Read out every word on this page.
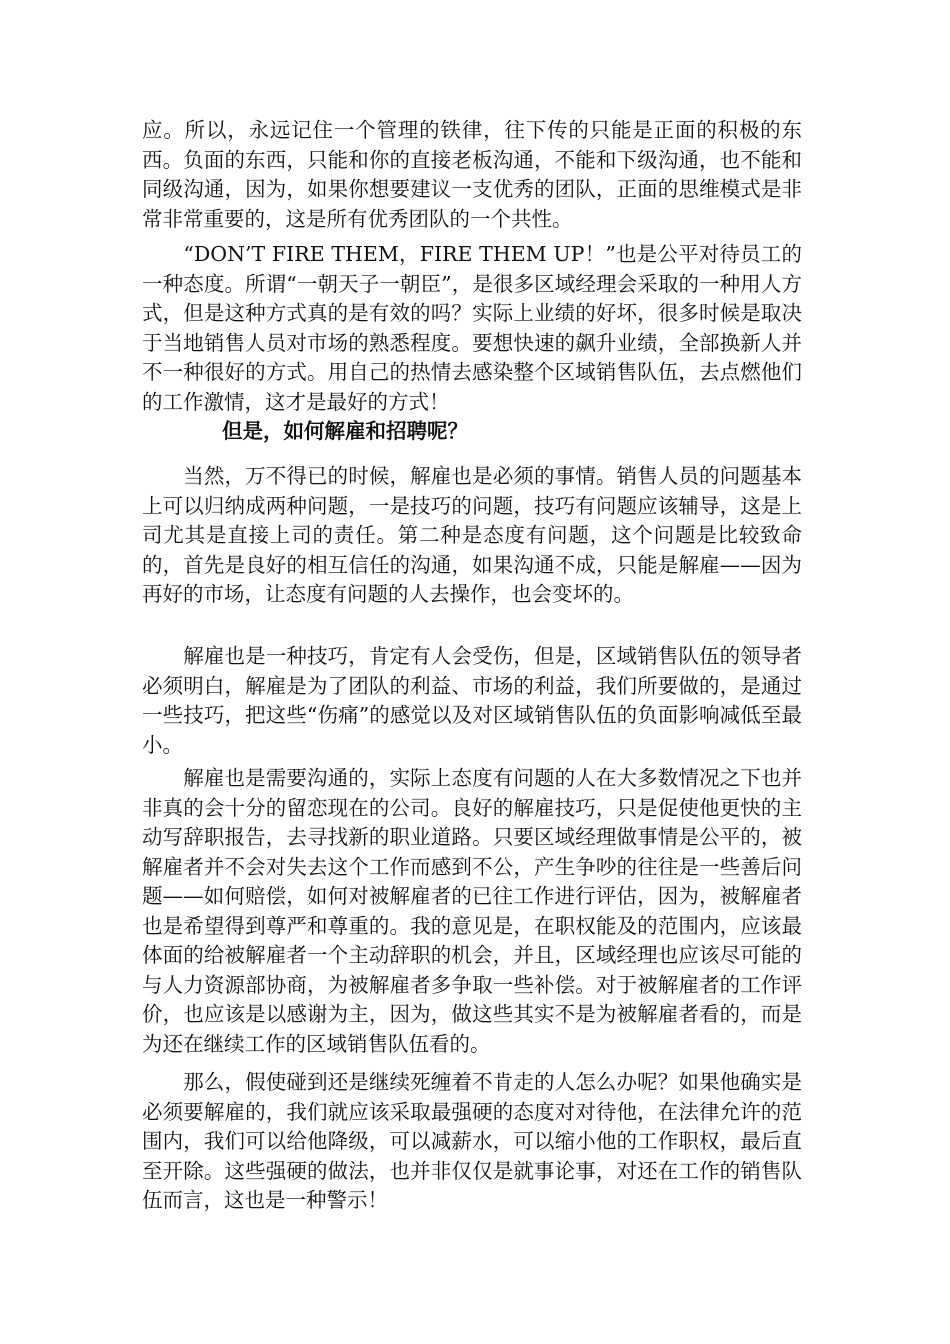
应。所以，永远记住一个管理的铁律，往下传的只能是正面的积极的东西。负面的东西，只能和你的直接老板沟通，不能和下级沟通，也不能和同级沟通，因为，如果你想要建议一支优秀的团队，正面的思维模式是非常非常重要的，这是所有优秀团队的一个共性。

　　“DON’T FIRE THEM，FIRE THEM UP！”也是公平对待员工的一种态度。所谓“一朝天子一朝臣”，是很多区域经理会采取的一种用人方式，但是这种方式真的是有效的吗？实际上业绩的好坏，很多时候是取决于当地销售人员对市场的熟悉程度。要想快速的飙升业绩，全部换新人并不一种很好的方式。用自己的热情去感染整个区域销售队伍，去点燃他们的工作激情，这才是最好的方式！

但是，如何解雇和招聘呢？

　　当然，万不得已的时候，解雇也是必须的事情。销售人员的问题基本上可以归纳成两种问题，一是技巧的问题，技巧有问题应该辅导，这是上司尤其是直接上司的责任。第二种是态度有问题，这个问题是比较致命的，首先是良好的相互信任的沟通，如果沟通不成，只能是解雇——因为再好的市场，让态度有问题的人去操作，也会变坏的。

　　解雇也是一种技巧，肯定有人会受伤，但是，区域销售队伍的领导者必须明白，解雇是为了团队的利益、市场的利益，我们所要做的，是通过一些技巧，把这些“伤痛”的感觉以及对区域销售队伍的负面影响减低至最小。

　　解雇也是需要沟通的，实际上态度有问题的人在大多数情况之下也并非真的会十分的留恋现在的公司。良好的解雇技巧，只是促使他更快的主动写辞职报告，去寻找新的职业道路。只要区域经理做事情是公平的，被解雇者并不会对失去这个工作而感到不公，产生争吵的往往是一些善后问题——如何赔偿，如何对被解雇者的已往工作进行评估，因为，被解雇者也是希望得到尊严和尊重的。我的意见是，在职权能及的范围内，应该最体面的给被解雇者一个主动辞职的机会，并且，区域经理也应该尽可能的与人力资源部协商，为被解雇者多争取一些补偿。对于被解雇者的工作评价，也应该是以感谢为主，因为，做这些其实不是为被解雇者看的，而是为还在继续工作的区域销售队伍看的。

　　那么，假使碰到还是继续死缠着不肯走的人怎么办呢？如果他确实是必须要解雇的，我们就应该采取最强硬的态度对对待他，在法律允许的范围内，我们可以给他降级，可以减薪水，可以缩小他的工作职权，最后直至开除。这些强硬的做法，也并非仅仅是就事论事，对还在工作的销售队伍而言，这也是一种警示！
